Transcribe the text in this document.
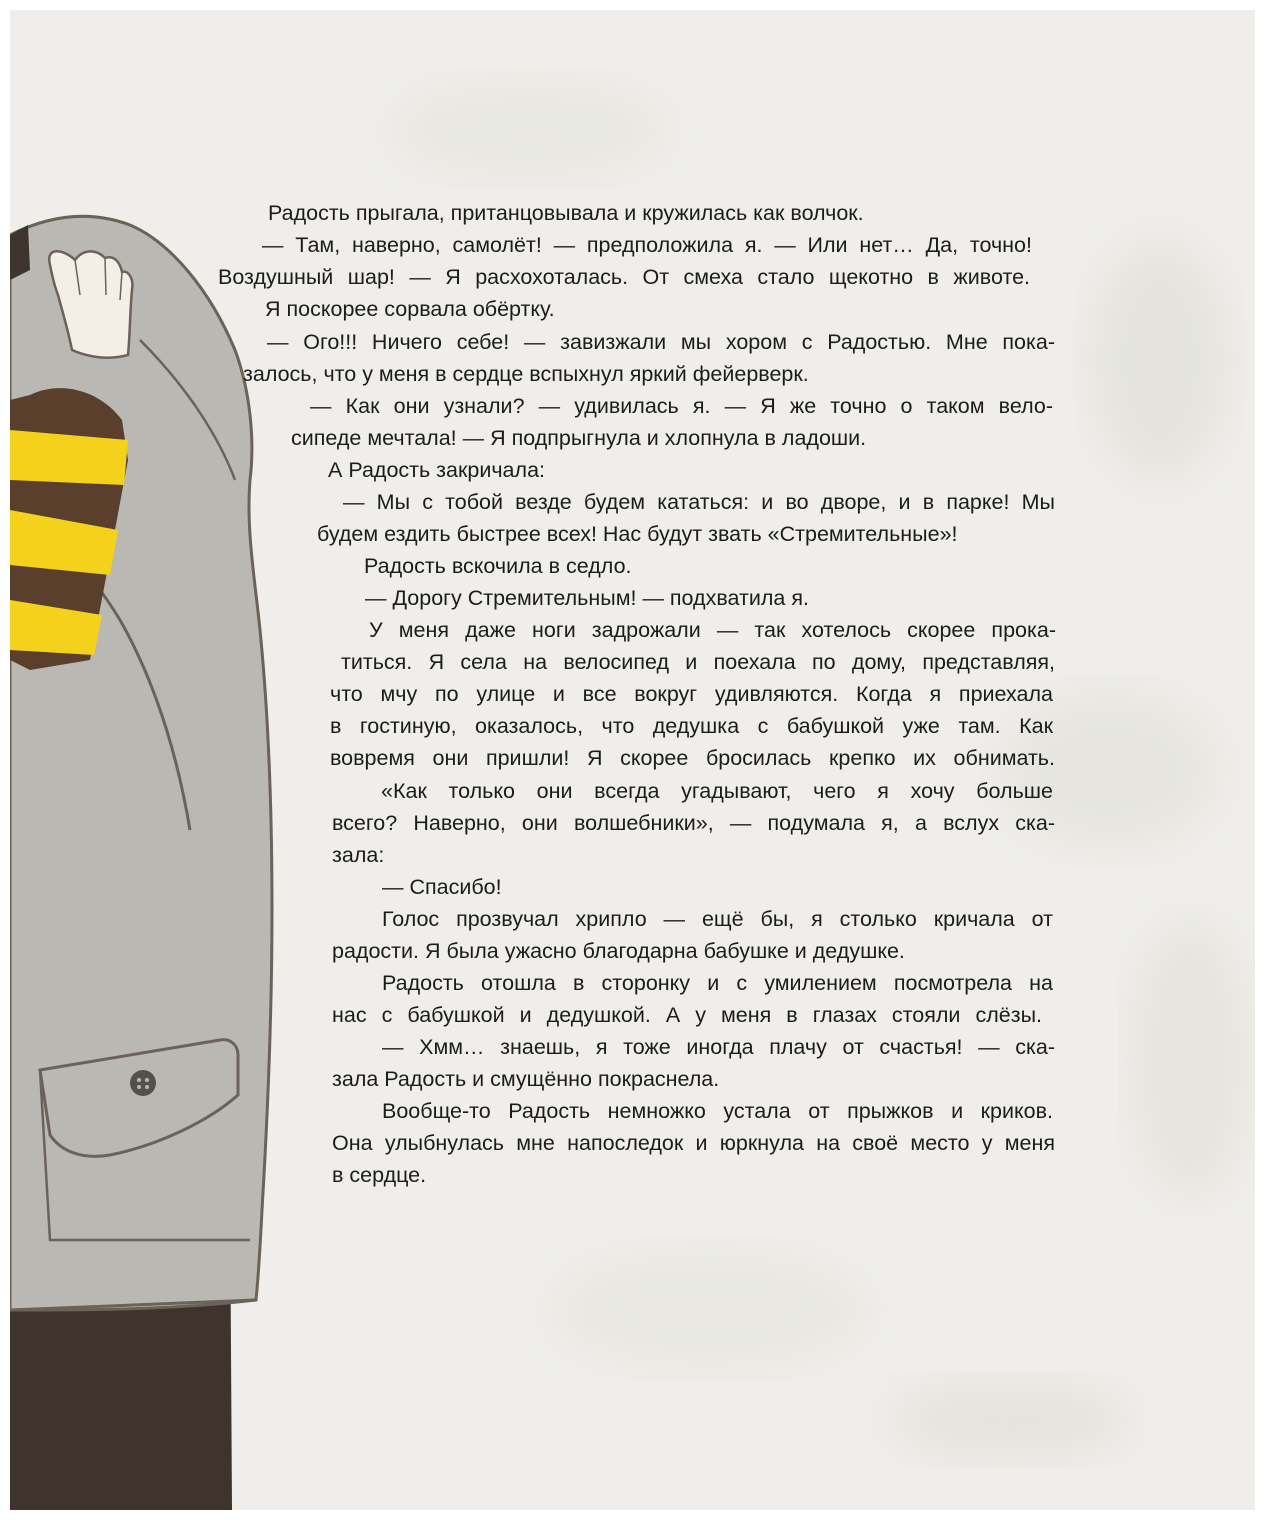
Радость прыгала, пританцовывала и кружилась как волчок.
— Там, наверно, самолёт! — предположила я. — Или нет… Да, точно!
Воздушный шар! — Я расхохоталась. От смеха стало щекотно в животе.
Я поскорее сорвала обёртку.
— Ого!!! Ничего себе! — завизжали мы хором с Радостью. Мне пока-
залось, что у меня в сердце вспыхнул яркий фейерверк.
— Как они узнали? — удивилась я. — Я же точно о таком вело-
сипеде мечтала! — Я подпрыгнула и хлопнула в ладоши.
А Радость закричала:
— Мы с тобой везде будем кататься: и во дворе, и в парке! Мы
будем ездить быстрее всех! Нас будут звать «Стремительные»!
Радость вскочила в седло.
— Дорогу Стремительным! — подхватила я.
У меня даже ноги задрожали — так хотелось скорее прока-
титься. Я села на велосипед и поехала по дому, представляя,
что мчу по улице и все вокруг удивляются. Когда я приехала
в гостиную, оказалось, что дедушка с бабушкой уже там. Как
вовремя они пришли! Я скорее бросилась крепко их обнимать.
«Как только они всегда угадывают, чего я хочу больше
всего? Наверно, они волшебники», — подумала я, а вслух ска-
зала:
— Спасибо!
Голос прозвучал хрипло — ещё бы, я столько кричала от
радости. Я была ужасно благодарна бабушке и дедушке.
Радость отошла в сторонку и с умилением посмотрела на
нас с бабушкой и дедушкой. А у меня в глазах стояли слёзы.
— Хмм… знаешь, я тоже иногда плачу от счастья! — ска-
зала Радость и смущённо покраснела.
Вообще-то Радость немножко устала от прыжков и криков.
Она улыбнулась мне напоследок и юркнула на своё место у меня
в сердце.
